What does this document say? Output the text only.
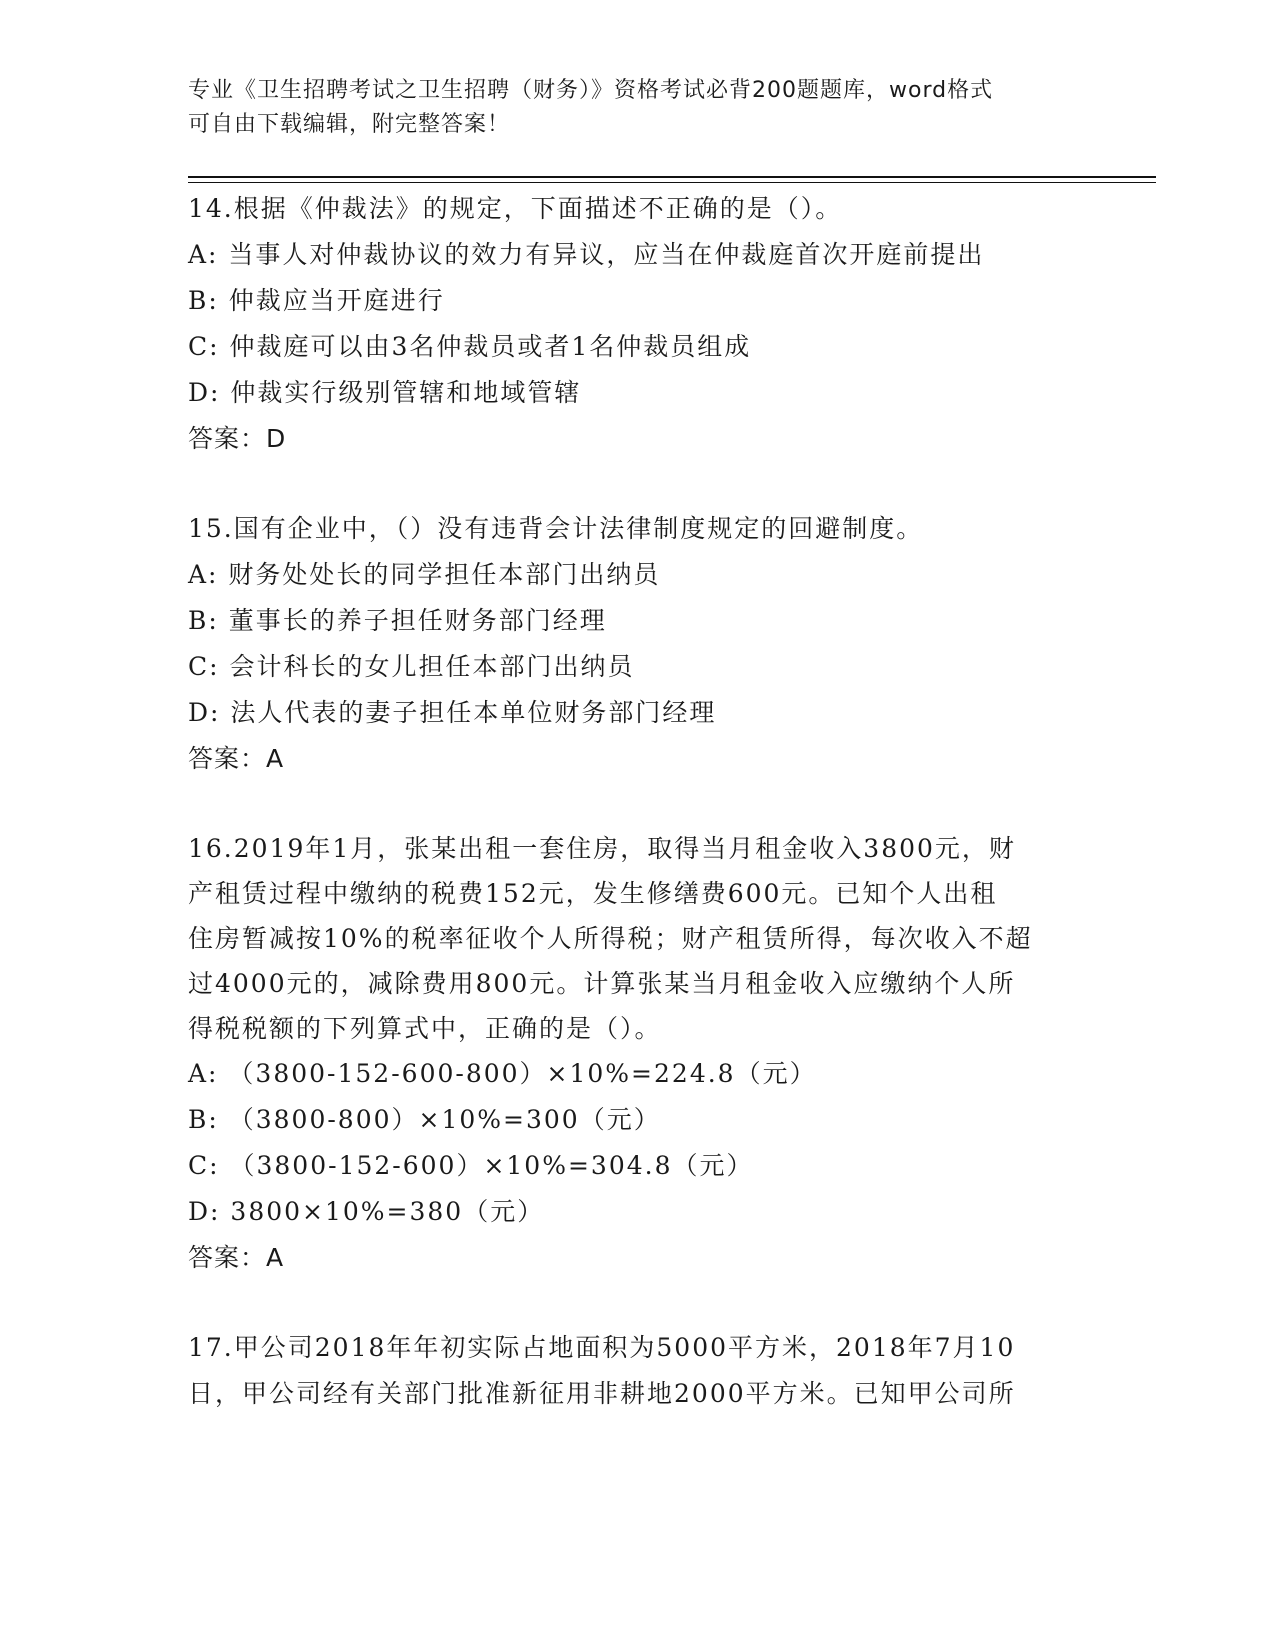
专业《卫生招聘考试之卫生招聘（财务）》资格考试必背200题题库，word格式
可自由下载编辑，附完整答案！

14.根据《仲裁法》的规定，下面描述不正确的是（）。

A: 当事人对仲裁协议的效力有异议，应当在仲裁庭首次开庭前提出

B: 仲裁应当开庭进行

C: 仲裁庭可以由3名仲裁员或者1名仲裁员组成

D: 仲裁实行级别管辖和地域管辖

答案：D

15.国有企业中，（）没有违背会计法律制度规定的回避制度。

A: 财务处处长的同学担任本部门出纳员

B: 董事长的养子担任财务部门经理

C: 会计科长的女儿担任本部门出纳员

D: 法人代表的妻子担任本单位财务部门经理

答案：A

16.2019年1月，张某出租一套住房，取得当月租金收入3800元，财

产租赁过程中缴纳的税费152元，发生修缮费600元。已知个人出租

住房暂减按10%的税率征收个人所得税；财产租赁所得，每次收入不超

过4000元的，减除费用800元。计算张某当月租金收入应缴纳个人所

得税税额的下列算式中，正确的是（）。

A: （3800-152-600-800）×10%=224.8（元）

B: （3800-800）×10%=300（元）

C: （3800-152-600）×10%=304.8（元）

D: 3800×10%=380（元）

答案：A

17.甲公司2018年年初实际占地面积为5000平方米，2018年7月10

日，甲公司经有关部门批准新征用非耕地2000平方米。已知甲公司所
